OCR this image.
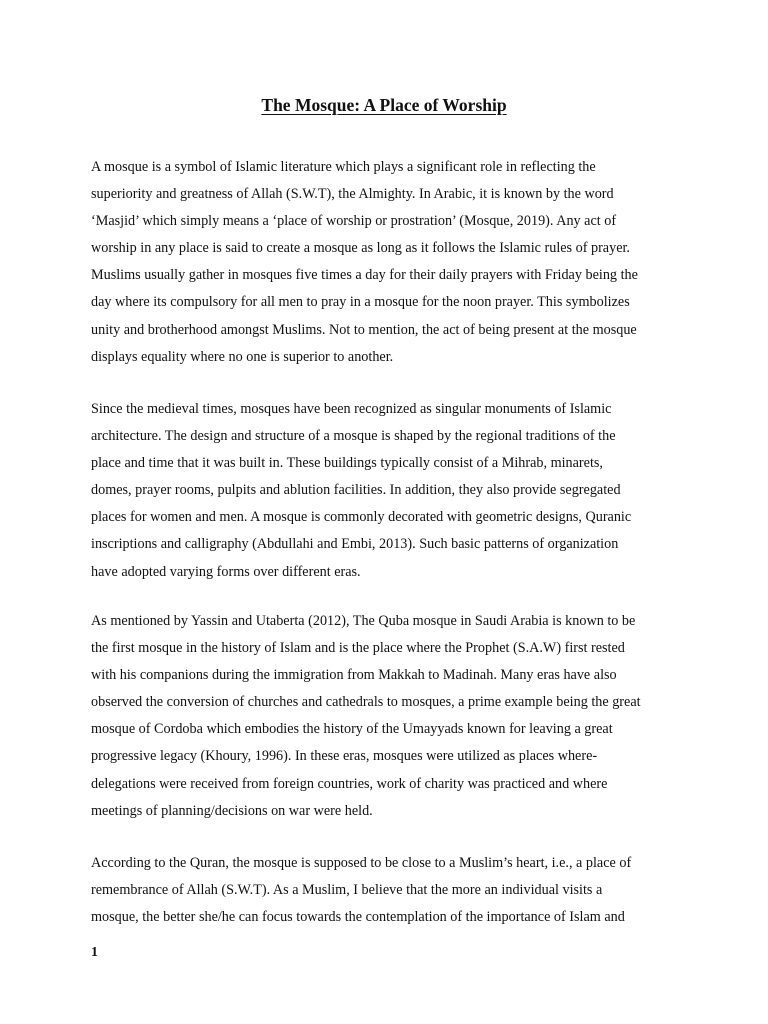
The Mosque: A Place of Worship

A mosque is a symbol of Islamic literature which plays a significant role in reflecting the
superiority and greatness of Allah (S.W.T), the Almighty. In Arabic, it is known by the word
‘Masjid’ which simply means a ‘place of worship or prostration’ (Mosque, 2019). Any act of
worship in any place is said to create a mosque as long as it follows the Islamic rules of prayer.
Muslims usually gather in mosques five times a day for their daily prayers with Friday being the
day where its compulsory for all men to pray in a mosque for the noon prayer. This symbolizes
unity and brotherhood amongst Muslims. Not to mention, the act of being present at the mosque
displays equality where no one is superior to another.

Since the medieval times, mosques have been recognized as singular monuments of Islamic
architecture. The design and structure of a mosque is shaped by the regional traditions of the
place and time that it was built in. These buildings typically consist of a Mihrab, minarets,
domes, prayer rooms, pulpits and ablution facilities. In addition, they also provide segregated
places for women and men. A mosque is commonly decorated with geometric designs, Quranic
inscriptions and calligraphy (Abdullahi and Embi, 2013). Such basic patterns of organization
have adopted varying forms over different eras.

As mentioned by Yassin and Utaberta (2012), The Quba mosque in Saudi Arabia is known to be
the first mosque in the history of Islam and is the place where the Prophet (S.A.W) first rested
with his companions during the immigration from Makkah to Madinah. Many eras have also
observed the conversion of churches and cathedrals to mosques, a prime example being the great
mosque of Cordoba which embodies the history of the Umayyads known for leaving a great
progressive legacy (Khoury, 1996). In these eras, mosques were utilized as places where-
delegations were received from foreign countries, work of charity was practiced and where
meetings of planning/decisions on war were held.

According to the Quran, the mosque is supposed to be close to a Muslim’s heart, i.e., a place of
remembrance of Allah (S.W.T). As a Muslim, I believe that the more an individual visits a
mosque, the better she/he can focus towards the contemplation of the importance of Islam and

1
